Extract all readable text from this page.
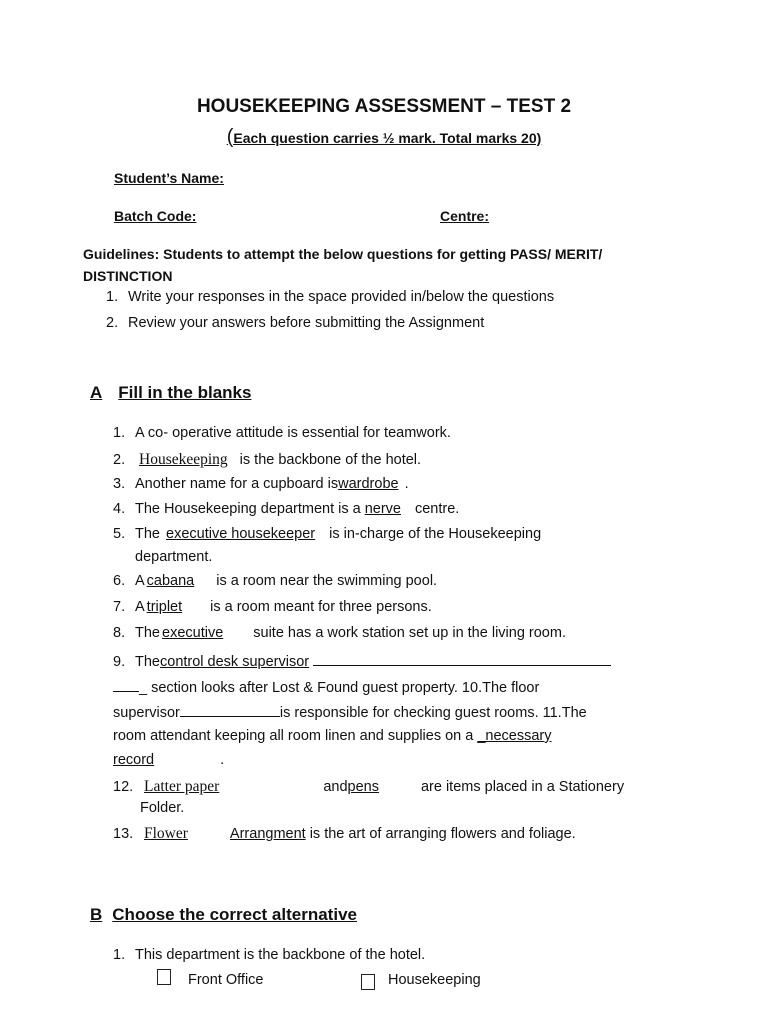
HOUSEKEEPING ASSESSMENT – TEST 2
(Each question carries ½ mark. Total marks 20)
Student’s Name:
Batch Code:	Centre:
Guidelines: Students to attempt the below questions for getting PASS/ MERIT/
DISTINCTION
1. Write your responses in the space provided in/below the questions
2. Review your answers before submitting the Assignment
A Fill in the blanks
1. A co- operative attitude is essential for teamwork.
2. Housekeeping is the backbone of the hotel.
3. Another name for a cupboard iswardrobe .
4. The Housekeeping department is a nerve centre.
5. The executive housekeeper is in-charge of the Housekeeping
department.
6. A cabana is a room near the swimming pool.
7. A triplet is a room meant for three persons.
8. The executive suite has a work station set up in the living room.
9. Thecontrol desk supervisor
_ section looks after Lost & Found guest property. 10.The floor
supervisor	is responsible for checking guest rooms. 11.The
room attendant keeping all room linen and supplies on a _necessary
record	.
12. Latter paper	andpens	are items placed in a Stationery
Folder.
13. Flower	Arrangment is the art of arranging flowers and foliage.
B Choose the correct alternative
1. This department is the backbone of the hotel.
Front Office	Housekeeping
